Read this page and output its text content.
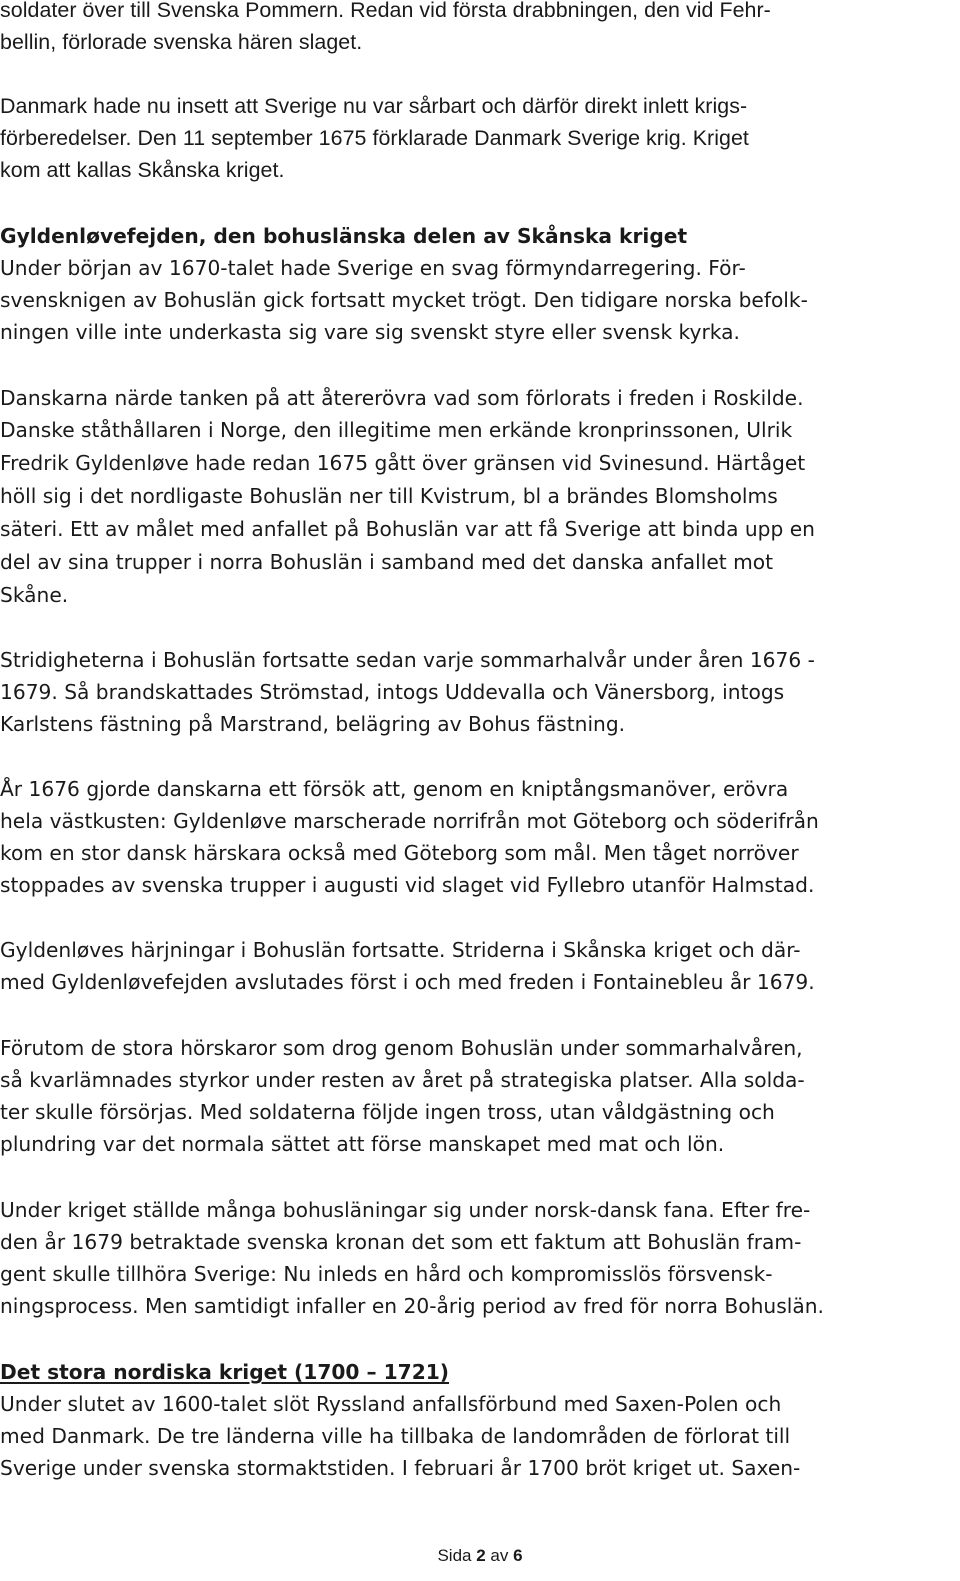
soldater över till Svenska Pommern. Redan vid första drabbningen, den vid Fehr-
bellin, förlorade svenska hären slaget.
Danmark hade nu insett att Sverige nu var sårbart och därför direkt inlett krigs-
förberedelser. Den 11 september 1675 förklarade Danmark Sverige krig. Kriget
kom att kallas Skånska kriget.
Gyldenløvefejden, den bohuslänska delen av Skånska kriget
Under början av 1670-talet hade Sverige en svag förmyndarregering. För-
svensknigen av Bohuslän gick fortsatt mycket trögt. Den tidigare norska befolk-
ningen ville inte underkasta sig vare sig svenskt styre eller svensk kyrka.
Danskarna närde tanken på att återerövra vad som förlorats i freden i Roskilde.
Danske ståthållaren i Norge, den illegitime men erkände kronprinssonen, Ulrik
Fredrik Gyldenløve hade redan 1675 gått över gränsen vid Svinesund. Härtåget
höll sig i det nordligaste Bohuslän ner till Kvistrum, bl a brändes Blomsholms
säteri. Ett av målet med anfallet på Bohuslän var att få Sverige att binda upp en
del av sina trupper i norra Bohuslän i samband med det danska anfallet mot
Skåne.
Stridigheterna i Bohuslän fortsatte sedan varje sommarhalvår under åren 1676 -
1679. Så brandskattades Strömstad, intogs Uddevalla och Vänersborg, intogs
Karlstens fästning på Marstrand, belägring av Bohus fästning.
År 1676 gjorde danskarna ett försök att, genom en kniptångsmanöver, erövra
hela västkusten: Gyldenløve marscherade norrifrån mot Göteborg och söderifrån
kom en stor dansk härskara också med Göteborg som mål. Men tåget norröver
stoppades av svenska trupper i augusti vid slaget vid Fyllebro utanför Halmstad.
Gyldenløves härjningar i Bohuslän fortsatte. Striderna i Skånska kriget och där-
med Gyldenløvefejden avslutades först i och med freden i Fontainebleu år 1679.
Förutom de stora hörskaror som drog genom Bohuslän under sommarhalvåren,
så kvarlämnades styrkor under resten av året på strategiska platser. Alla solda-
ter skulle försörjas. Med soldaterna följde ingen tross, utan våldgästning och
plundring var det normala sättet att förse manskapet med mat och lön.
Under kriget ställde många bohusläningar sig under norsk-dansk fana. Efter fre-
den år 1679 betraktade svenska kronan det som ett faktum att Bohuslän fram-
gent skulle tillhöra Sverige: Nu inleds en hård och kompromisslös försvensk-
ningsprocess. Men samtidigt infaller en 20-årig period av fred för norra Bohuslän.
Det stora nordiska kriget (1700 – 1721)
Under slutet av 1600-talet slöt Ryssland anfallsförbund med Saxen-Polen och
med Danmark. De tre länderna ville ha tillbaka de landområden de förlorat till
Sverige under svenska stormaktstiden. I februari år 1700 bröt kriget ut. Saxen-
Sida 2 av 6
